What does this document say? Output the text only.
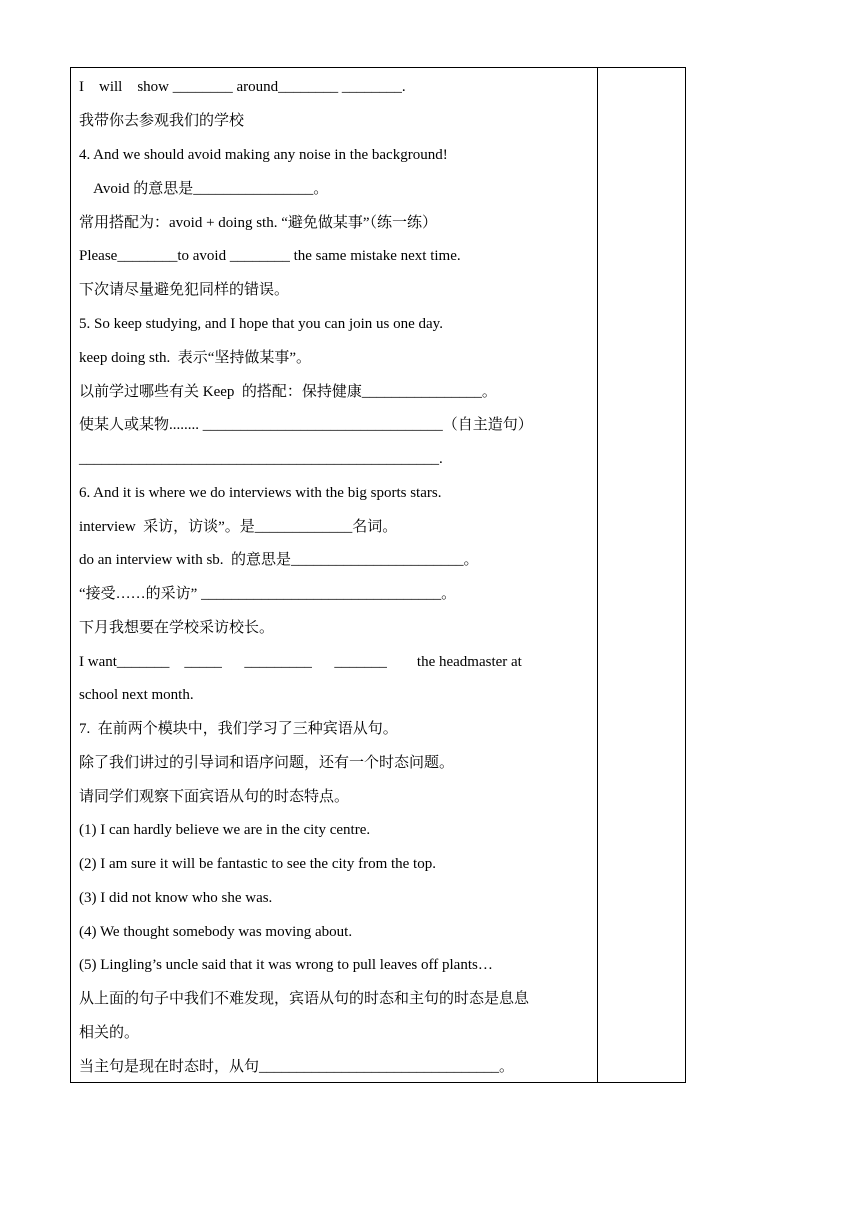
I    will    show ________ around________ ________.
我带你去参观我们的学校
4. And we should avoid making any noise in the background!
Avoid 的意思是________________。
常用搭配为：avoid + doing sth. “避免做某事”（练一练）
Please________to avoid ________ the same mistake next time.
下次请尽量避免犯同样的错误。
5. So keep studying, and I hope that you can join us one day.
keep doing sth.  表示“坚持做某事”。
以前学过哪些有关 Keep  的搭配：保持健康________________。
使某人或某物........ ________________________________（自主造句）
________________________________________________.
6. And it is where we do interviews with the big sports stars.
interview  采访，访谈”。是_____________名词。
do an interview with sb.  的意思是_______________________。
“接受……的采访” ________________________________。
下月我想要在学校采访校长。
I want_______    _____      _________      _______        the headmaster at
school next month.
7.  在前两个模块中，我们学习了三种宾语从句。
除了我们讲过的引导词和语序问题，还有一个时态问题。
请同学们观察下面宾语从句的时态特点。
(1) I can hardly believe we are in the city centre.
(2) I am sure it will be fantastic to see the city from the top.
(3) I did not know who she was.
(4) We thought somebody was moving about.
(5) Lingling’s uncle said that it was wrong to pull leaves off plants…
从上面的句子中我们不难发现，宾语从句的时态和主句的时态是息息
相关的。
当主句是现在时态时，从句________________________________。
